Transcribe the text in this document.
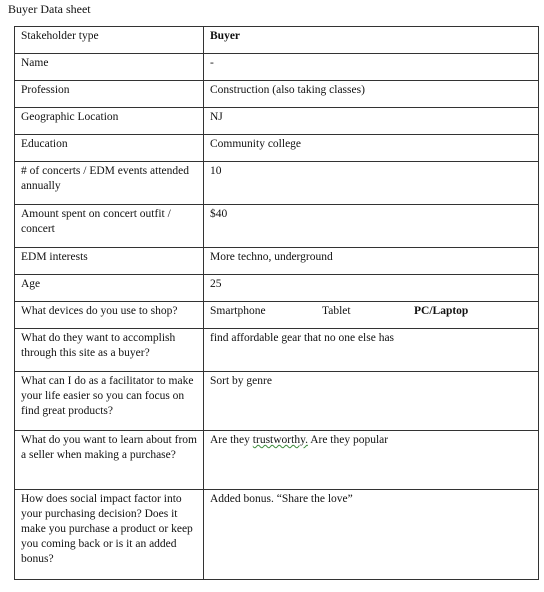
Buyer Data sheet
Stakeholder type	Buyer
Name	-
Profession	Construction (also taking classes)
Geographic Location	NJ
Education	Community college
# of concerts / EDM events attended annually	10
Amount spent on concert outfit / concert	$40
EDM interests	More techno, underground
Age	25
What devices do you use to shop?	Smartphone Tablet PC/Laptop

What do they want to accomplish through this site as a buyer?	find affordable gear that no one else has
What can I do as a facilitator to make your life easier so you can focus on find great products?	Sort by genre
What do you want to learn about from a seller when making a purchase?	Are they trustworthy. Are they popular
How does social impact factor into your purchasing decision? Does it make you purchase a product or keep you coming back or is it an added bonus?	Added bonus. “Share the love”
